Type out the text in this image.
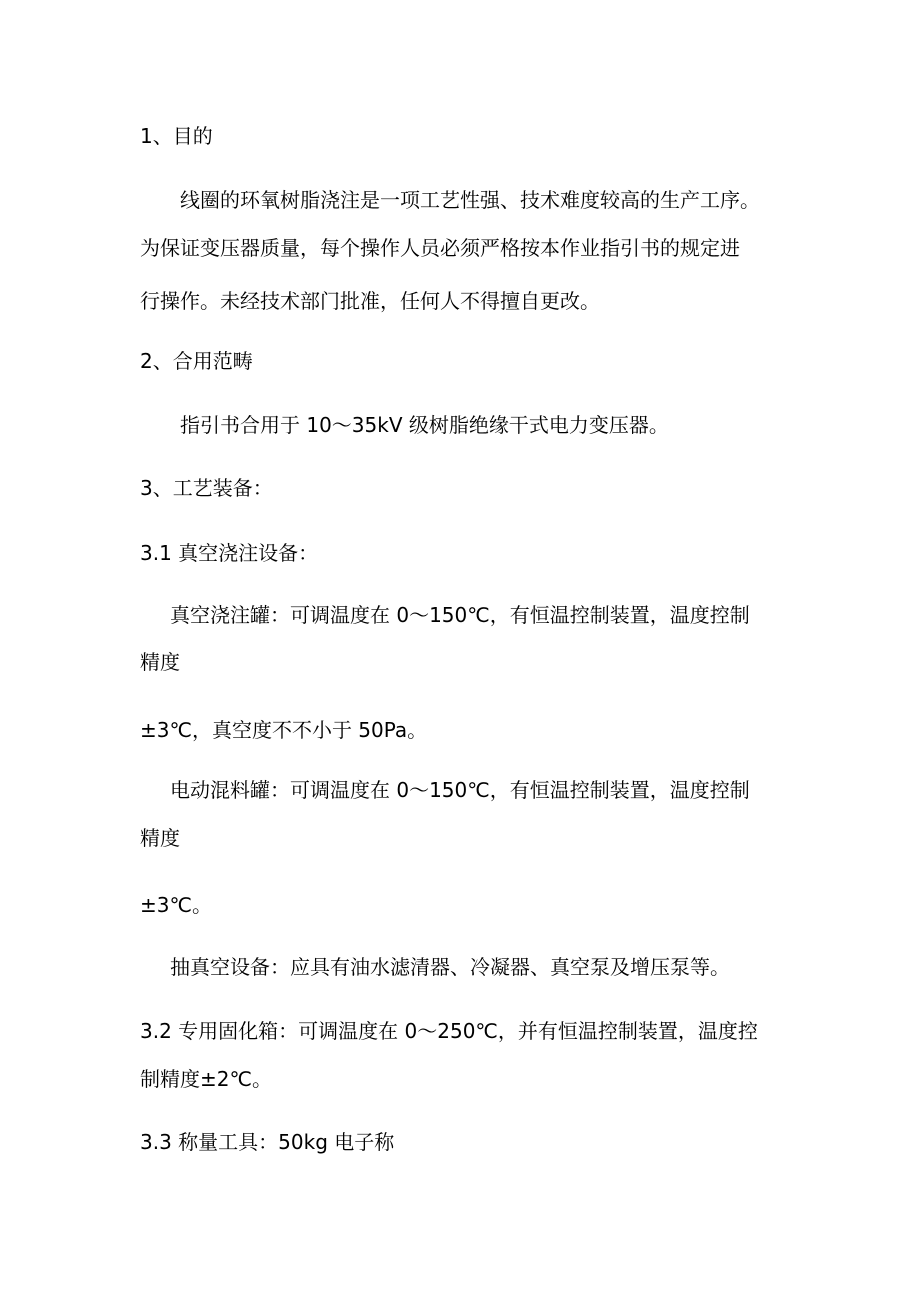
1、目的
线圈的环氧树脂浇注是一项工艺性强、技术难度较高的生产工序。
为保证变压器质量，每个操作人员必须严格按本作业指引书的规定进
行操作。未经技术部门批准，任何人不得擅自更改。
2、合用范畴
指引书合用于 10～35kV 级树脂绝缘干式电力变压器。
3、工艺装备：
3.1 真空浇注设备：
真空浇注罐：可调温度在 0～150℃，有恒温控制装置，温度控制
精度
±3℃，真空度不不小于 50Pa。
电动混料罐：可调温度在 0～150℃，有恒温控制装置，温度控制
精度
±3℃。
抽真空设备：应具有油水滤清器、冷凝器、真空泵及增压泵等。
3.2 专用固化箱：可调温度在 0～250℃，并有恒温控制装置，温度控
制精度±2℃。
3.3 称量工具：50kg 电子称
